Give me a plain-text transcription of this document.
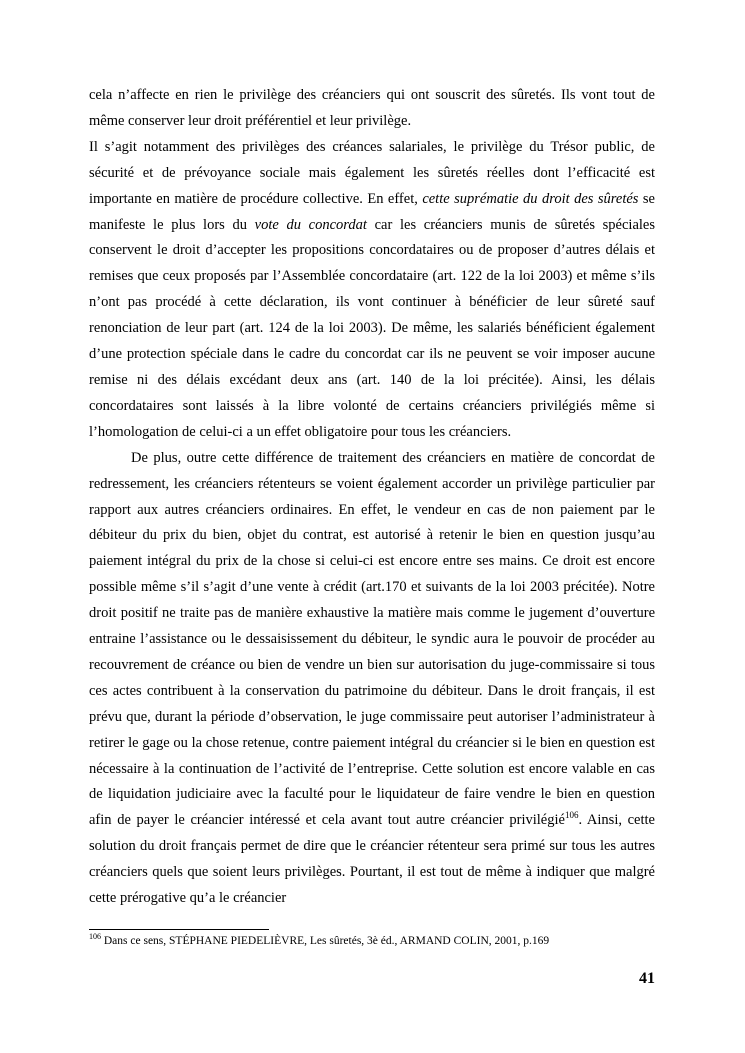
cela n’affecte en rien le privilège des créanciers qui ont souscrit des sûretés. Ils vont tout de même conserver leur droit préférentiel et leur privilège.

Il s’agit notamment des privilèges des créances salariales, le privilège du Trésor public, de sécurité et de prévoyance sociale mais également les sûretés réelles dont l’efficacité est importante en matière de procédure collective. En effet, cette suprématie du droit des sûretés se manifeste le plus lors du vote du concordat car les créanciers munis de sûretés spéciales conservent le droit d’accepter les propositions concordataires ou de proposer d’autres délais et remises que ceux proposés par l’Assemblée concordataire (art. 122 de la loi 2003) et même s’ils n’ont pas procédé à cette déclaration, ils vont continuer à bénéficier de leur sûreté sauf renonciation de leur part (art. 124 de la loi 2003). De même, les salariés bénéficient également d’une protection spéciale dans le cadre du concordat car ils ne peuvent se voir imposer aucune remise ni des délais excédant deux ans (art. 140 de la loi précitée). Ainsi, les délais concordataires sont laissés à la libre volonté de certains créanciers privilégiés même si l’homologation de celui-ci a un effet obligatoire pour tous les créanciers.

De plus, outre cette différence de traitement des créanciers en matière de concordat de redressement, les créanciers rétenteurs se voient également accorder un privilège particulier par rapport aux autres créanciers ordinaires. En effet, le vendeur en cas de non paiement par le débiteur du prix du bien, objet du contrat, est autorisé à retenir le bien en question jusqu’au paiement intégral du prix de la chose si celui-ci est encore entre ses mains. Ce droit est encore possible même s’il s’agit d’une vente à crédit (art.170 et suivants de la loi 2003 précitée). Notre droit positif ne traite pas de manière exhaustive la matière mais comme le jugement d’ouverture entraine l’assistance ou le dessaisissement du débiteur, le syndic aura le pouvoir de procéder au recouvrement de créance ou bien de vendre un bien sur autorisation du juge-commissaire si tous ces actes contribuent à la conservation du patrimoine du débiteur. Dans le droit français, il est prévu que, durant la période d’observation, le juge commissaire peut autoriser l’administrateur à retirer le gage ou la chose retenue, contre paiement intégral du créancier si le bien en question est nécessaire à la continuation de l’activité de l’entreprise. Cette solution est encore valable en cas de liquidation judiciaire avec la faculté pour le liquidateur de faire vendre le bien en question afin de payer le créancier intéressé et cela avant tout autre créancier privilégié$^{106}$. Ainsi, cette solution du droit français permet de dire que le créancier rétenteur sera primé sur tous les autres créanciers quels que soient leurs privilèges. Pourtant, il est tout de même à indiquer que malgré cette prérogative qu’a le créancier

$^{106}$ Dans ce sens, STÉPHANE PIEDELIÈVRE, Les sûretés, 3è éd., ARMAND COLIN, 2001, p.169
41
